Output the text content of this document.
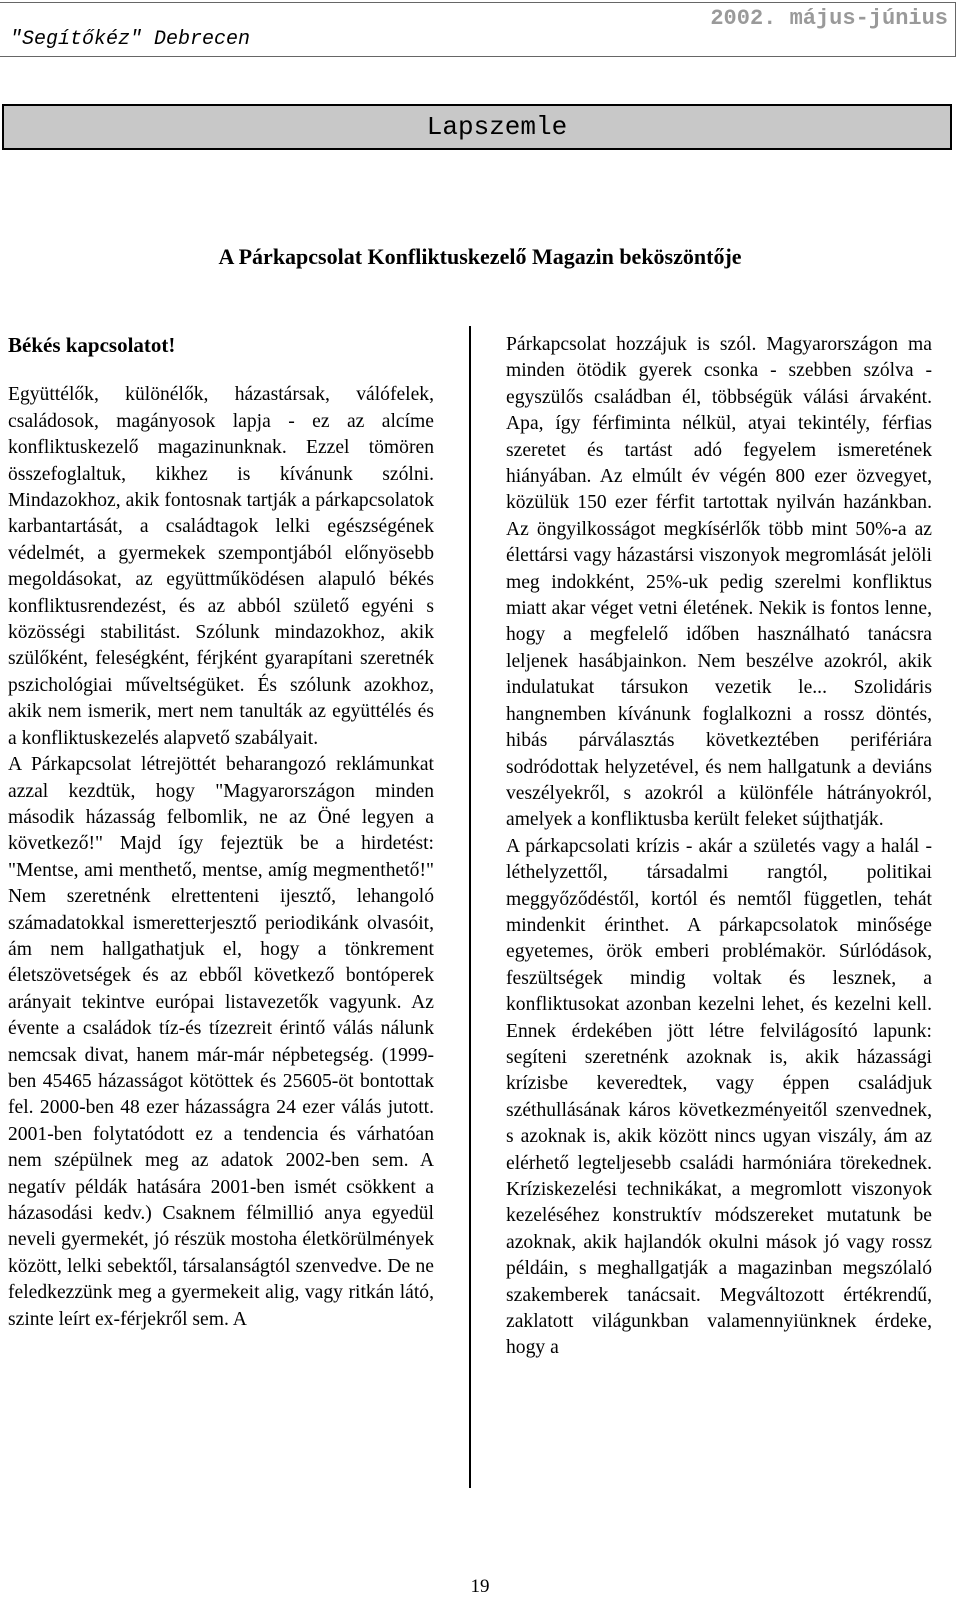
"Segítőkéz" Debrecen
2002. május-június
Lapszemle
A Párkapcsolat Konfliktuskezelő Magazin beköszöntője

Békés kapcsolatot!

Együttélők, különélők, házastársak, válófelek, családosok, magányosok lapja - ez az alcíme konfliktuskezelő magazinunknak. Ezzel tömören összefoglaltuk, kikhez is kívánunk szólni. Mindazokhoz, akik fontosnak tartják a párkapcsolatok karbantartását, a családtagok lelki egészségének védelmét, a gyermekek szempontjából előnyösebb megoldásokat, az együttműködésen alapuló békés konfliktusrendezést, és az abból születő egyéni s közösségi stabilitást. Szólunk mindazokhoz, akik szülőként, feleségként, férjként gyarapítani szeretnék pszichológiai műveltségüket. És szólunk azokhoz, akik nem ismerik, mert nem tanulták az együttélés és a konfliktuskezelés alapvető szabályait.

A Párkapcsolat létrejöttét beharangozó reklámunkat azzal kezdtük, hogy "Magyarországon minden második házasság felbomlik, ne az Öné legyen a következő!" Majd így fejeztük be a hirdetést: "Mentse, ami menthető, mentse, amíg megmenthető!" Nem szeretnénk elrettenteni ijesztő, lehangoló számadatokkal ismeretterjesztő periodikánk olvasóit, ám nem hallgathatjuk el, hogy a tönkrement életszövetségek és az ebből következő bontóperek arányait tekintve európai listavezetők vagyunk. Az évente a családok tíz-és tízezreit érintő válás nálunk nemcsak divat, hanem már-már népbetegség. (1999-ben 45465 házasságot kötöttek és 25605-öt bontottak fel. 2000-ben 48 ezer házasságra 24 ezer válás jutott. 2001-ben folytatódott ez a tendencia és várhatóan nem szépülnek meg az adatok 2002-ben sem. A negatív példák hatására 2001-ben ismét csökkent a házasodási kedv.) Csaknem félmillió anya egyedül neveli gyermekét, jó részük mostoha életkörülmények között, lelki sebektől, társalanságtól szenvedve. De ne feledkezzünk meg a gyermekeit alig, vagy ritkán látó, szinte leírt ex-férjekről sem. A

Párkapcsolat hozzájuk is szól. Magyarországon ma minden ötödik gyerek csonka - szebben szólva - egyszülős családban él, többségük válási árvaként. Apa, így férfiminta nélkül, atyai tekintély, férfias szeretet és tartást adó fegyelem ismeretének hiányában. Az elmúlt év végén 800 ezer özvegyet, közülük 150 ezer férfit tartottak nyilván hazánkban. Az öngyilkosságot megkísérlők több mint 50%-a az élettársi vagy házastársi viszonyok megromlását jelöli meg indokként, 25%-uk pedig szerelmi konfliktus miatt akar véget vetni életének. Nekik is fontos lenne, hogy a megfelelő időben használható tanácsra leljenek hasábjainkon. Nem beszélve azokról, akik indulatukat társukon vezetik le... Szolidáris hangnemben kívánunk foglalkozni a rossz döntés, hibás párválasztás következtében perifériára sodródottak helyzetével, és nem hallgatunk a deviáns veszélyekről, s azokról a különféle hátrányokról, amelyek a konfliktusba került feleket sújthatják.

A párkapcsolati krízis - akár a születés vagy a halál - léthelyzettől, társadalmi rangtól, politikai meggyőződéstől, kortól és nemtől független, tehát mindenkit érinthet. A párkapcsolatok minősége egyetemes, örök emberi problémakör. Súrlódások, feszültségek mindig voltak és lesznek, a konfliktusokat azonban kezelni lehet, és kezelni kell. Ennek érdekében jött létre felvilágosító lapunk: segíteni szeretnénk azoknak is, akik házassági krízisbe keveredtek, vagy éppen családjuk széthullásának káros következményeitől szenvednek, s azoknak is, akik között nincs ugyan viszály, ám az elérhető legteljesebb családi harmóniára törekednek. Kríziskezelési technikákat, a megromlott viszonyok kezeléséhez konstruktív módszereket mutatunk be azoknak, akik hajlandók okulni mások jó vagy rossz példáin, s meghallgatják a magazinban megszólaló szakemberek tanácsait. Megváltozott értékrendű, zaklatott világunkban valamennyiünknek érdeke, hogy a

19
